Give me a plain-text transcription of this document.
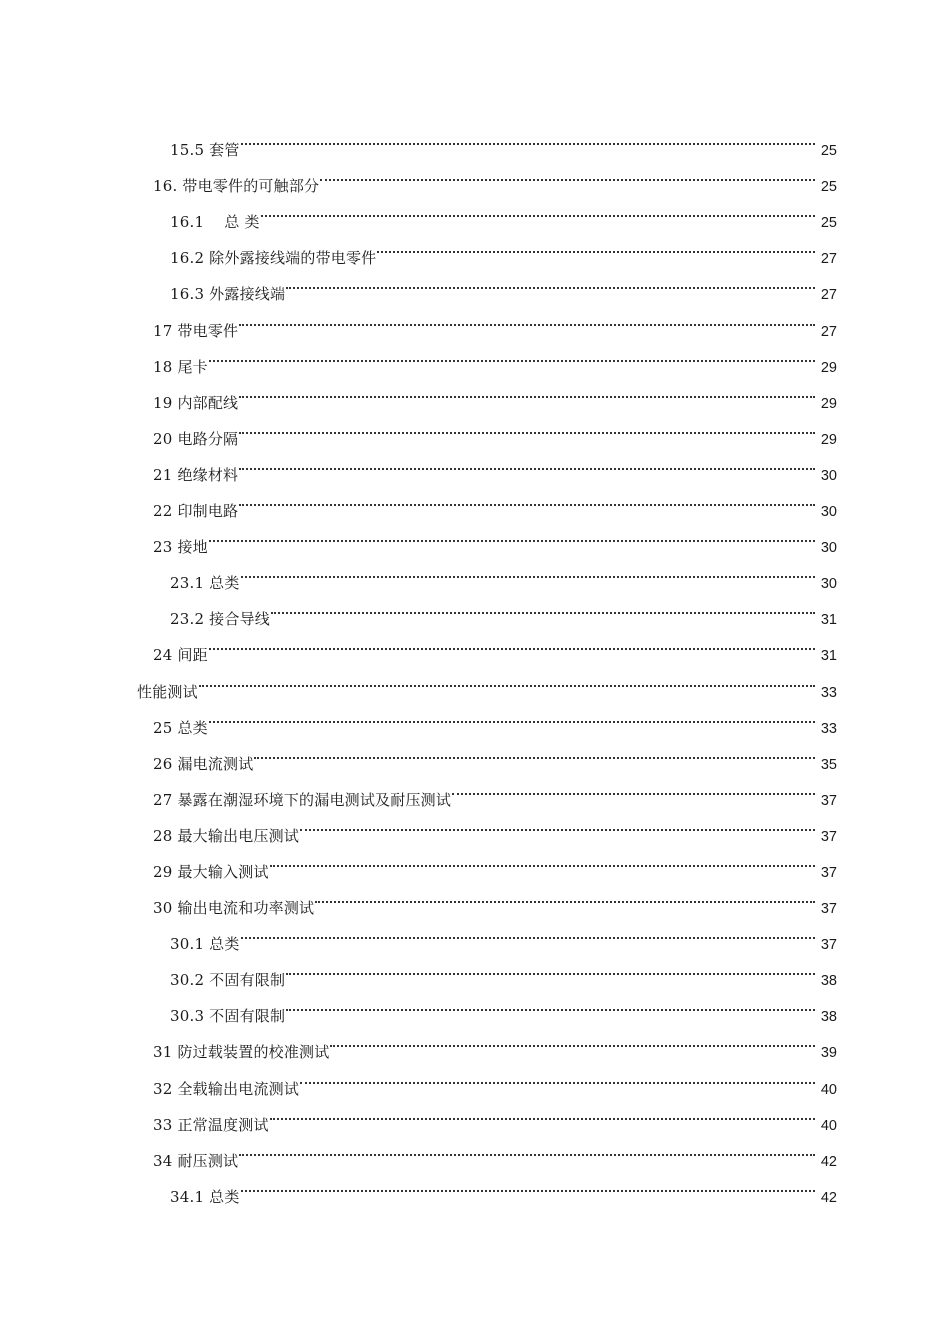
15.5 套管	25
16. 带电零件的可触部分	25
16.1　 总 类	25
16.2 除外露接线端的带电零件	27
16.3 外露接线端	27
17 带电零件	27
18 尾卡	29
19 内部配线	29
20 电路分隔	29
21 绝缘材料	30
22 印制电路	30
23 接地	30
23.1 总类	30
23.2 接合导线	31
24 间距	31
性能测试	33
25 总类	33
26 漏电流测试	35
27 暴露在潮湿环境下的漏电测试及耐压测试	37
28 最大输出电压测试	37
29 最大输入测试	37
30 输出电流和功率测试	37
30.1 总类	37
30.2 不固有限制	38
30.3 不固有限制	38
31 防过载装置的校准测试	39
32 全载输出电流测试	40
33 正常温度测试	40
34 耐压测试	42
34.1 总类	42
